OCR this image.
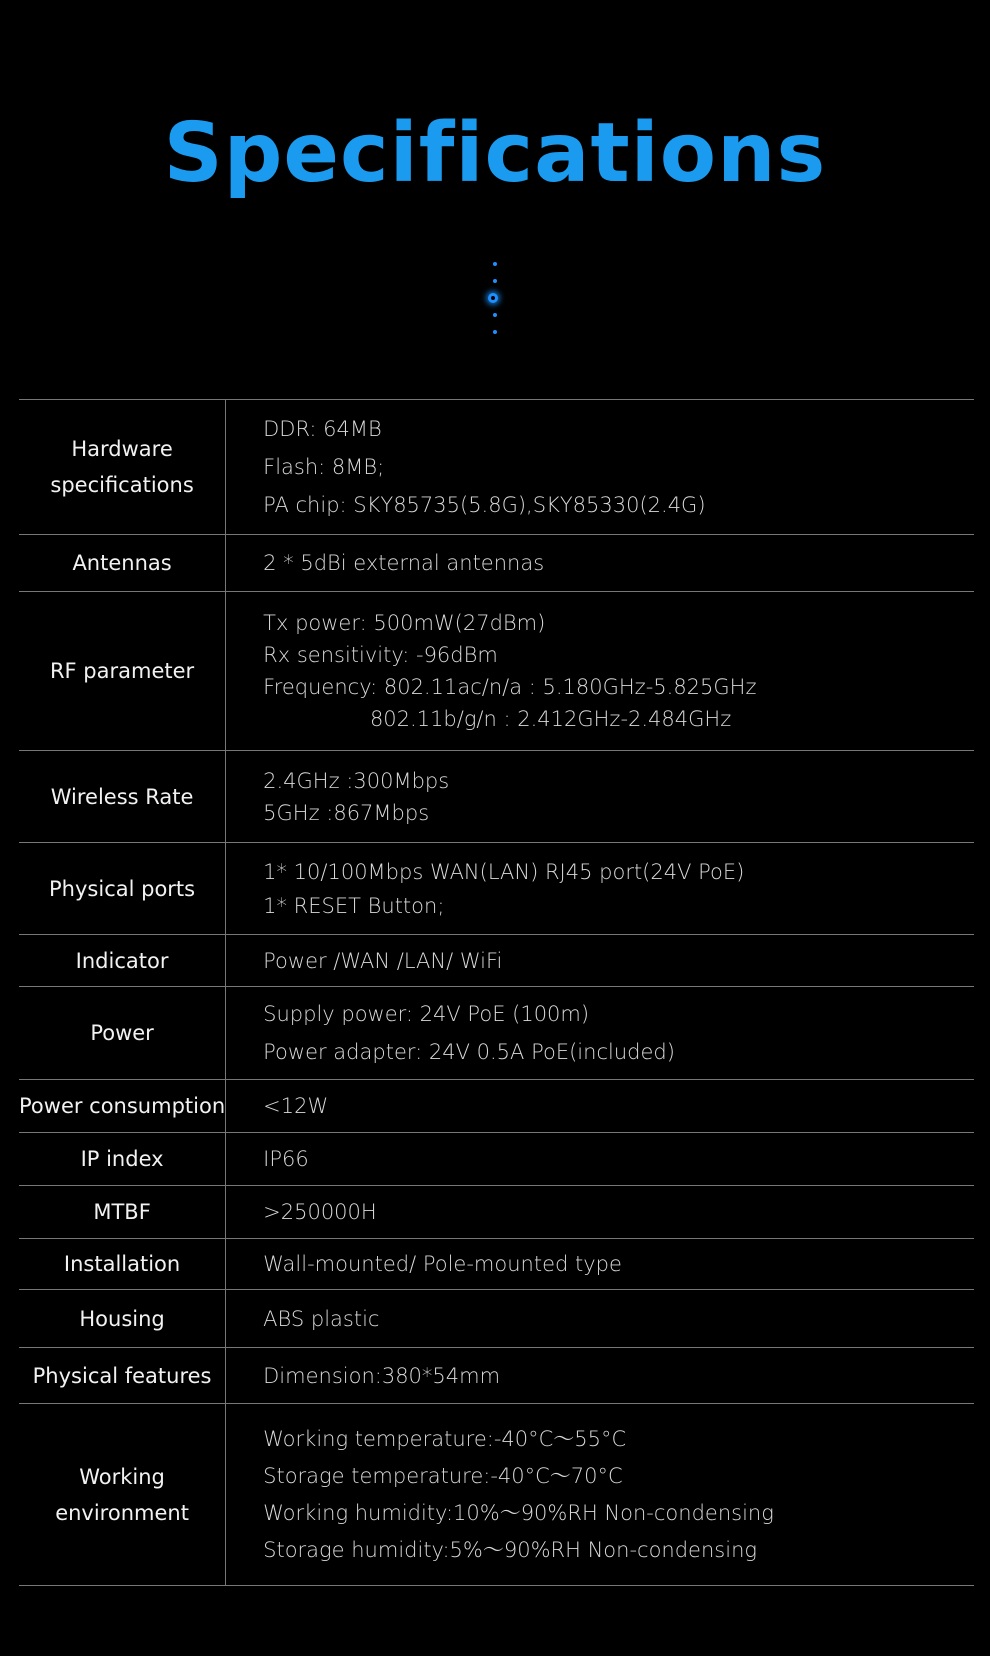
Specifications
Hardware
specifications	DDR: 64MB
Flash: 8MB;
PA chip: SKY85735(5.8G),SKY85330(2.4G)

Antennas	2 * 5dBi external antennas

RF parameter	Tx power: 500mW(27dBm)
Rx sensitivity: -96dBm
Frequency: 802.11ac/n/a : 5.180GHz-5.825GHz
802.11b/g/n : 2.412GHz-2.484GHz

Wireless Rate	2.4GHz :300Mbps
5GHz :867Mbps

Physical ports	1* 10/100Mbps WAN(LAN) RJ45 port(24V PoE)
1* RESET Button;

Indicator	Power /WAN /LAN/ WiFi

Power	Supply power: 24V PoE (100m)
Power adapter: 24V 0.5A PoE(included)

Power consumption	<12W

IP index	IP66

MTBF	>250000H

Installation	Wall-mounted/ Pole-mounted type

Housing	ABS plastic

Physical features	Dimension:380*54mm

Working
environment	Working temperature:-40°C～55°C
Storage temperature:-40°C～70°C
Working humidity:10%～90%RH Non-condensing
Storage humidity:5%～90%RH Non-condensing
